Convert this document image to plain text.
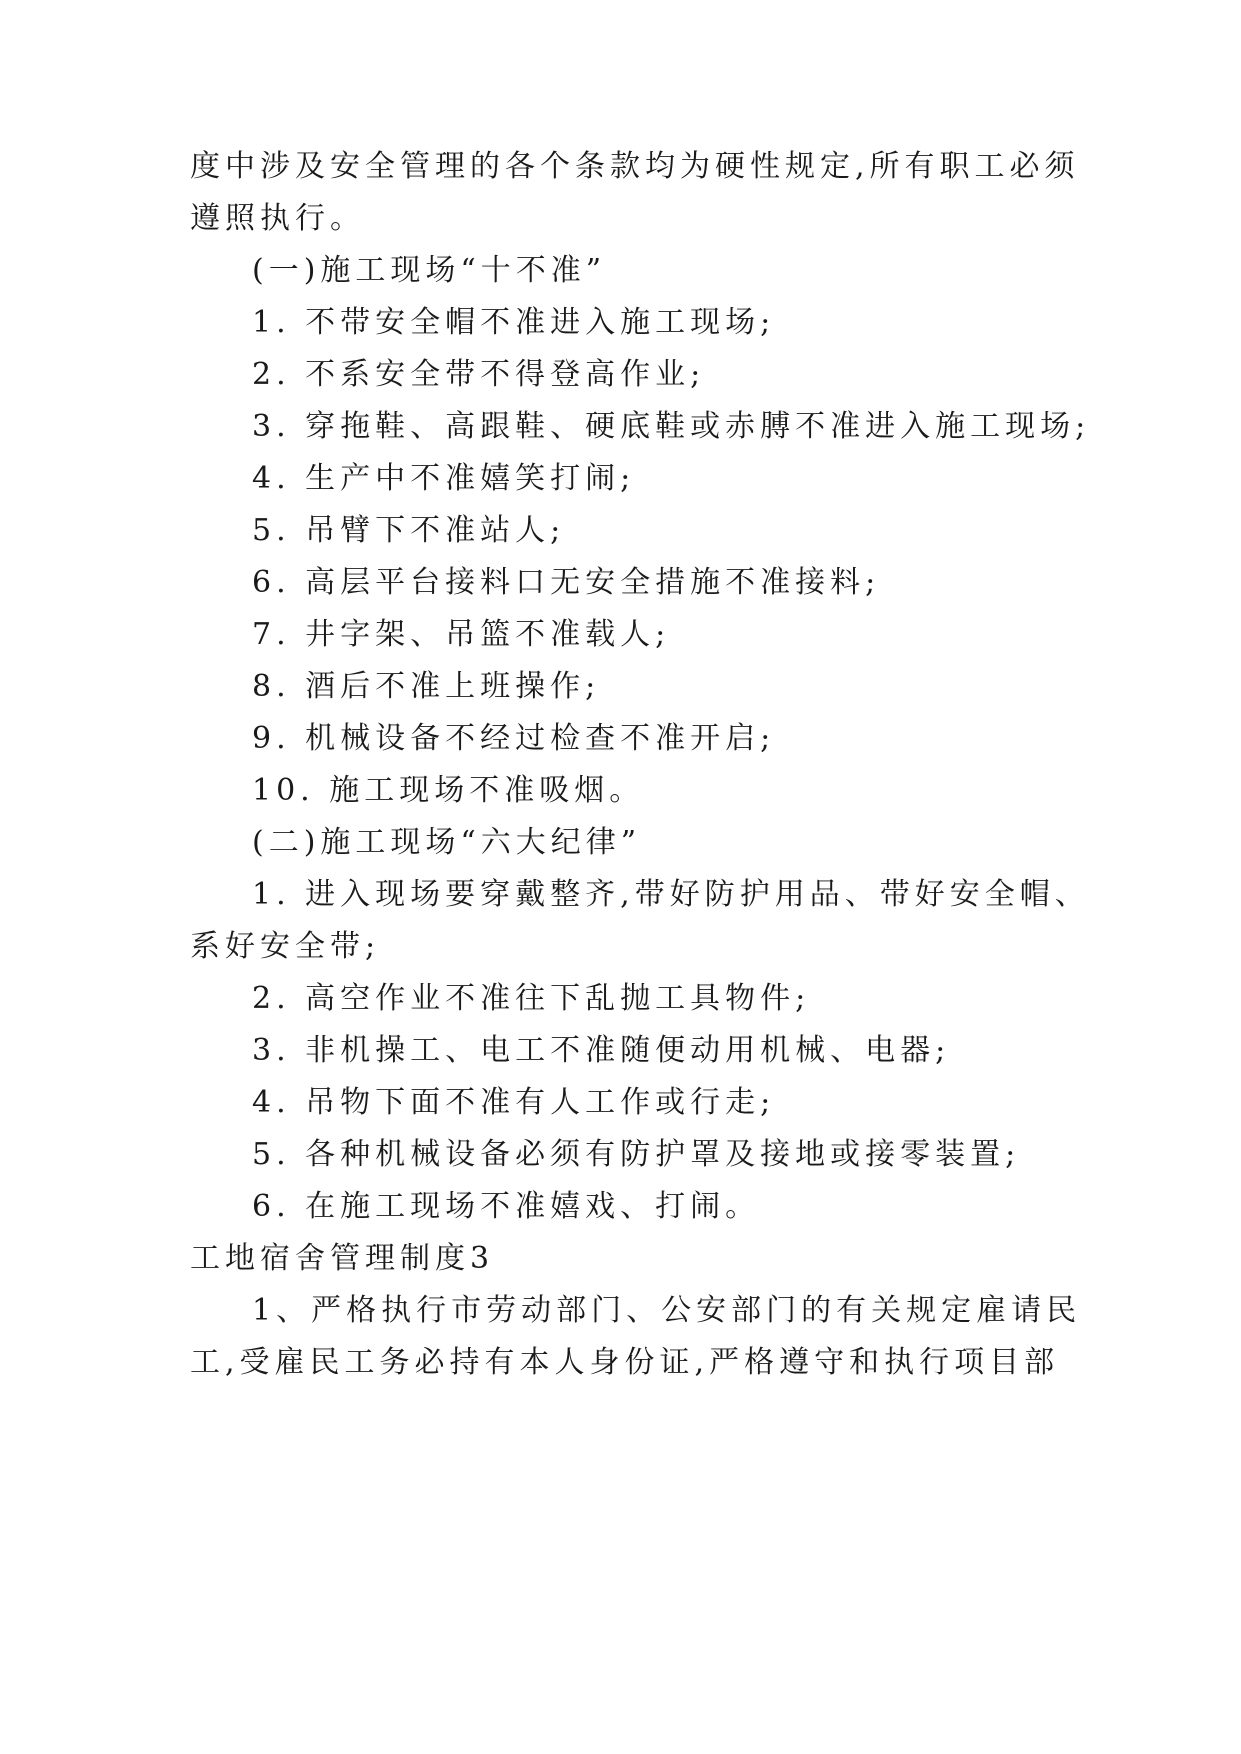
度中涉及安全管理的各个条款均为硬性规定,所有职工必须
遵照执行。
(一)施工现场“十不准”
1. 不带安全帽不准进入施工现场;
2. 不系安全带不得登高作业;
3. 穿拖鞋、高跟鞋、硬底鞋或赤膊不准进入施工现场;
4. 生产中不准嬉笑打闹;
5. 吊臂下不准站人;
6. 高层平台接料口无安全措施不准接料;
7. 井字架、吊篮不准载人;
8. 酒后不准上班操作;
9. 机械设备不经过检查不准开启;
10. 施工现场不准吸烟。
(二)施工现场“六大纪律”
1. 进入现场要穿戴整齐,带好防护用品、带好安全帽、
系好安全带;
2. 高空作业不准往下乱抛工具物件;
3. 非机操工、电工不准随便动用机械、电器;
4. 吊物下面不准有人工作或行走;
5. 各种机械设备必须有防护罩及接地或接零装置;
6. 在施工现场不准嬉戏、打闹。
工地宿舍管理制度3
1、严格执行市劳动部门、公安部门的有关规定雇请民
工,受雇民工务必持有本人身份证,严格遵守和执行项目部
